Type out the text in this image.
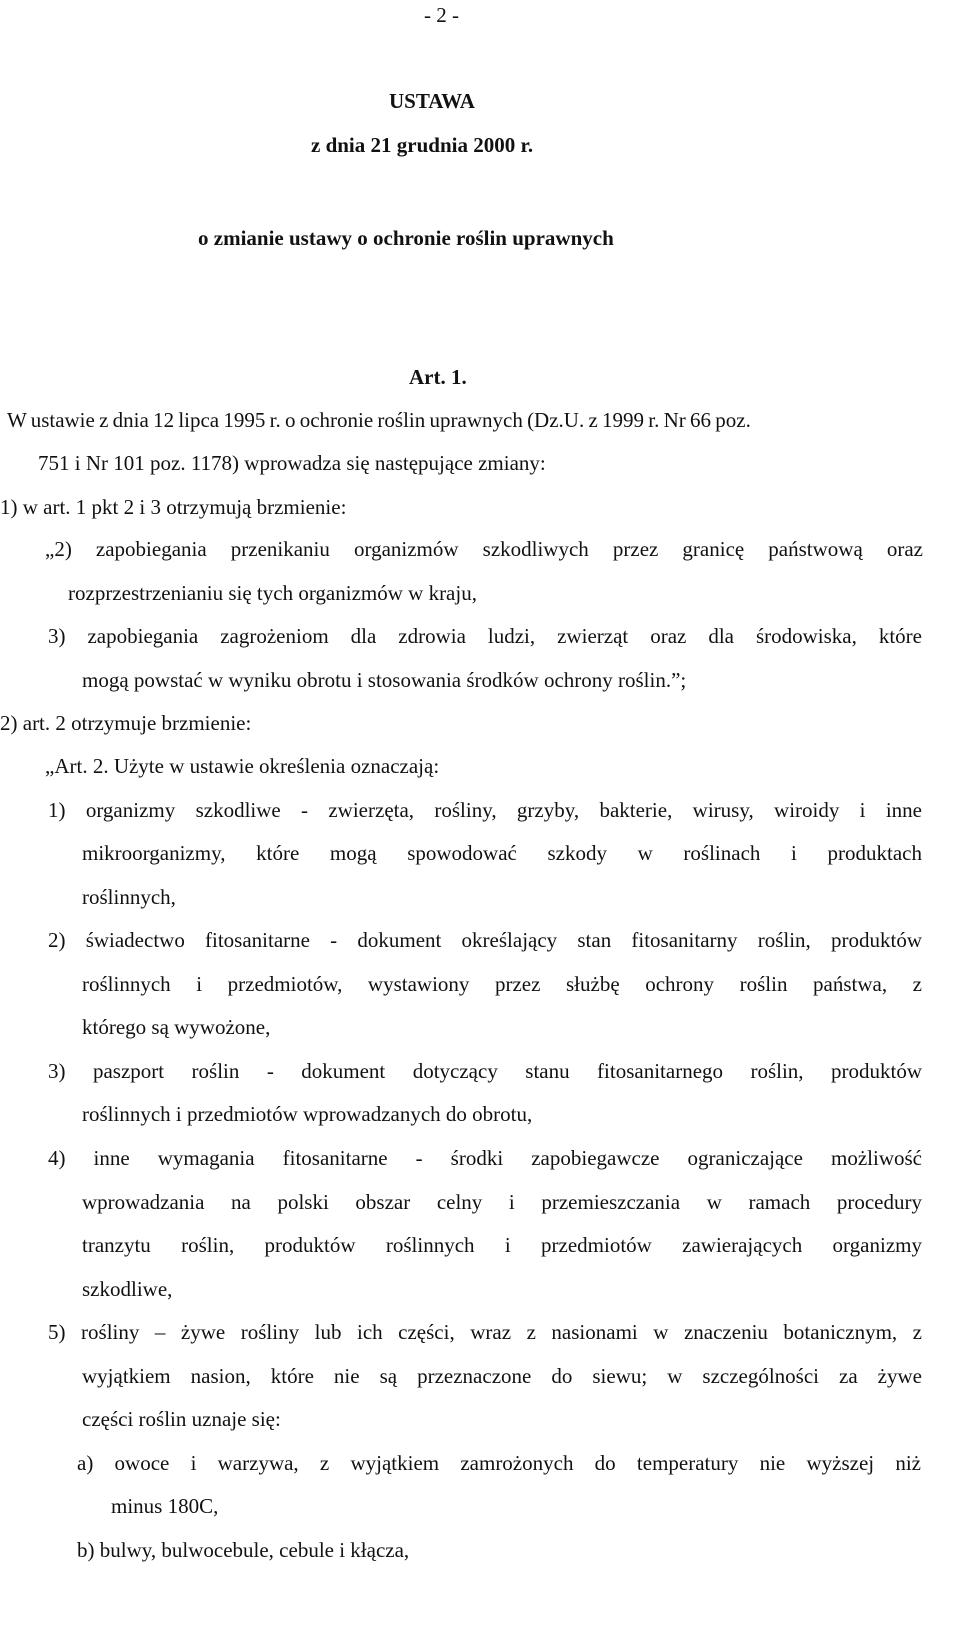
- 2 -
USTAWA
z dnia 21 grudnia 2000 r.
o zmianie ustawy o ochronie roślin uprawnych
Art. 1.
W ustawie z dnia 12 lipca 1995 r. o ochronie roślin uprawnych (Dz.U. z 1999 r. Nr 66 poz.
751 i Nr 101 poz. 1178) wprowadza się następujące zmiany:
1) w art. 1 pkt 2 i 3 otrzymują brzmienie:
„2) zapobiegania przenikaniu organizmów szkodliwych przez granicę państwową oraz
rozprzestrzenianiu się tych organizmów w kraju,
3) zapobiegania zagrożeniom dla zdrowia ludzi, zwierząt oraz dla środowiska, które
mogą powstać w wyniku obrotu i stosowania środków ochrony roślin.”;
2) art. 2 otrzymuje brzmienie:
„Art. 2. Użyte w ustawie określenia oznaczają:
1) organizmy szkodliwe - zwierzęta, rośliny, grzyby, bakterie, wirusy, wiroidy i inne
mikroorganizmy, które mogą spowodować szkody w roślinach i produktach
roślinnych,
2) świadectwo fitosanitarne - dokument określający stan fitosanitarny roślin, produktów
roślinnych i przedmiotów, wystawiony przez służbę ochrony roślin państwa, z
którego są wywożone,
3) paszport roślin - dokument dotyczący stanu fitosanitarnego roślin, produktów
roślinnych i przedmiotów wprowadzanych do obrotu,
4) inne wymagania fitosanitarne - środki zapobiegawcze ograniczające możliwość
wprowadzania na polski obszar celny i przemieszczania w ramach procedury
tranzytu roślin, produktów roślinnych i przedmiotów zawierających organizmy
szkodliwe,
5) rośliny – żywe rośliny lub ich części, wraz z nasionami w znaczeniu botanicznym, z
wyjątkiem nasion, które nie są przeznaczone do siewu; w szczególności za żywe
części roślin uznaje się:
a) owoce i warzywa, z wyjątkiem zamrożonych do temperatury nie wyższej niż
minus 180C,
b) bulwy, bulwocebule, cebule i kłącza,
